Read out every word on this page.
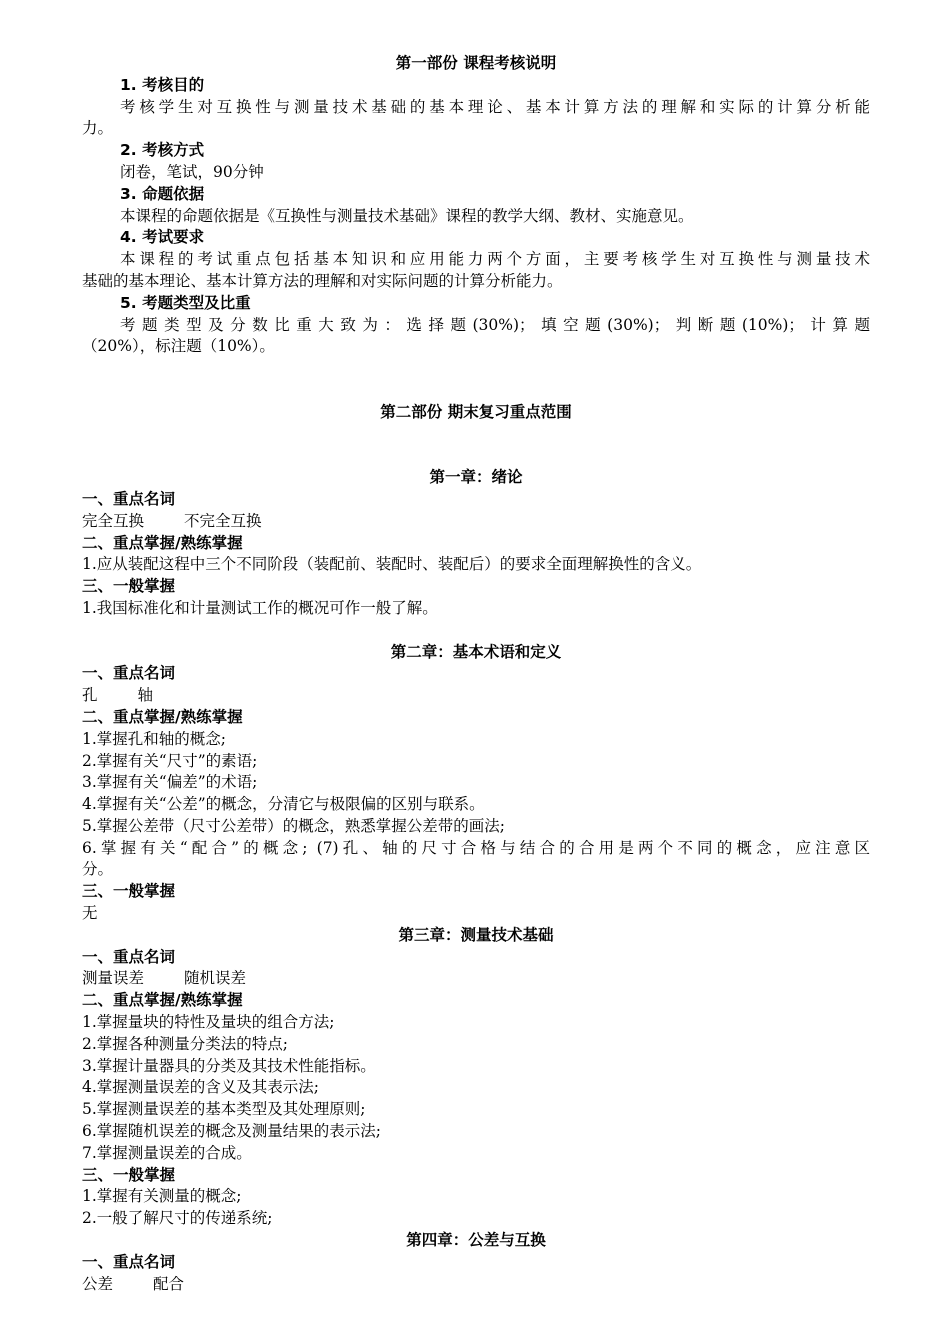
第一部份 课程考核说明
1. 考核目的
考核学生对互换性与测量技术基础的基本理论、基本计算方法的理解和实际的计算分析能
力。
2. 考核方式
闭卷，笔试，90分钟
3. 命题依据
本课程的命题依据是《互换性与测量技术基础》课程的教学大纲、教材、实施意见。
4. 考试要求
本课程的考试重点包括基本知识和应用能力两个方面，主要考核学生对互换性与测量技术
基础的基本理论、基本计算方法的理解和对实际问题的计算分析能力。
5. 考题类型及比重
考题类型及分数比重大致为：选择题(30%)；填空题(30%)；判断题(10%)；计算题
（20%），标注题（10%）。
第二部份 期末复习重点范围
第一章：绪论
一、重点名词
完全互换	不完全互换
二、重点掌握/熟练掌握
1.应从装配这程中三个不同阶段（装配前、装配时、装配后）的要求全面理解换性的含义。
三、一般掌握
1.我国标准化和计量测试工作的概况可作一般了解。
第二章：基本术语和定义
一、重点名词
孔	轴
二、重点掌握/熟练掌握
1.掌握孔和轴的概念;
2.掌握有关“尺寸”的素语;
3.掌握有关“偏差”的术语;
4.掌握有关“公差”的概念，分清它与极限偏的区别与联系。
5.掌握公差带（尺寸公差带）的概念，熟悉掌握公差带的画法;
6.掌握有关“配合”的概念; (7)孔、轴的尺寸合格与结合的合用是两个不同的概念，应注意区
分。
三、一般掌握
无
第三章：测量技术基础
一、重点名词
测量误差	随机误差
二、重点掌握/熟练掌握
1.掌握量块的特性及量块的组合方法;
2.掌握各种测量分类法的特点;
3.掌握计量器具的分类及其技术性能指标。
4.掌握测量误差的含义及其表示法;
5.掌握测量误差的基本类型及其处理原则;
6.掌握随机误差的概念及测量结果的表示法;
7.掌握测量误差的合成。
三、一般掌握
1.掌握有关测量的概念;
2.一般了解尺寸的传递系统;
第四章：公差与互换
一、重点名词
公差	配合
